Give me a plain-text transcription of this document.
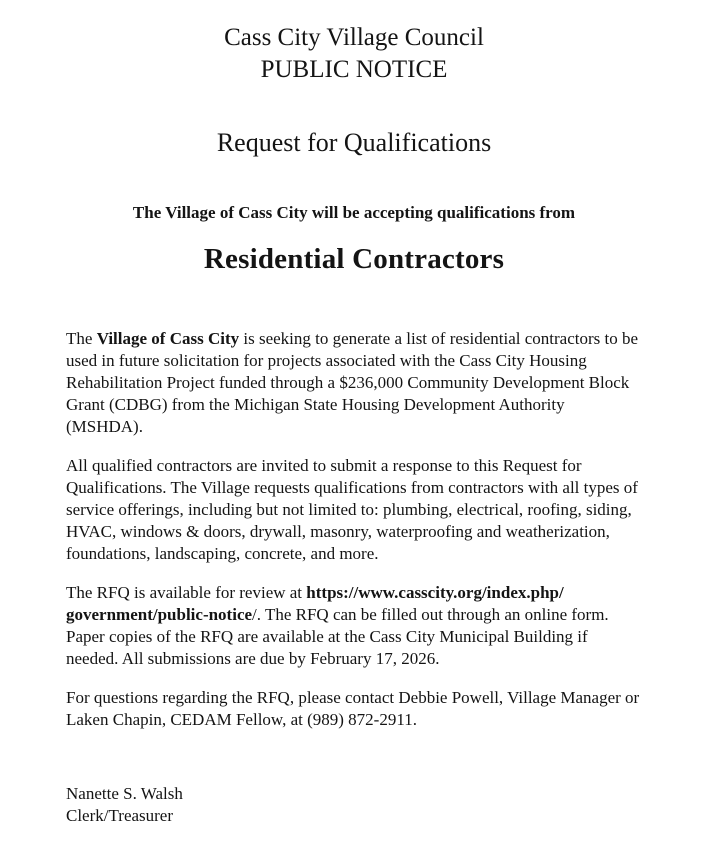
Cass City Village Council
PUBLIC NOTICE
Request for Qualifications
The Village of Cass City will be accepting qualifications from
Residential Contractors

The Village of Cass City is seeking to generate a list of residential contractors to be used in future solicitation for projects associated with the Cass City Housing Rehabilitation Project funded through a $236,000 Community Development Block Grant (CDBG) from the Michigan State Housing Development Authority (MSHDA).

All qualified contractors are invited to submit a response to this Request for Qualifications. The Village requests qualifications from contractors with all types of service offerings, including but not limited to: plumbing, electrical, roofing, siding, HVAC, windows & doors, drywall, masonry, waterproofing and weatherization, foundations, landscaping, concrete, and more.

The RFQ is available for review at https://www.casscity.org/index.php/government/public-notice/. The RFQ can be filled out through an online form. Paper copies of the RFQ are available at the Cass City Municipal Building if needed. All submissions are due by February 17, 2026.

For questions regarding the RFQ, please contact Debbie Powell, Village Manager or Laken Chapin, CEDAM Fellow, at (989) 872-2911.

Nanette S. Walsh
Clerk/Treasurer
